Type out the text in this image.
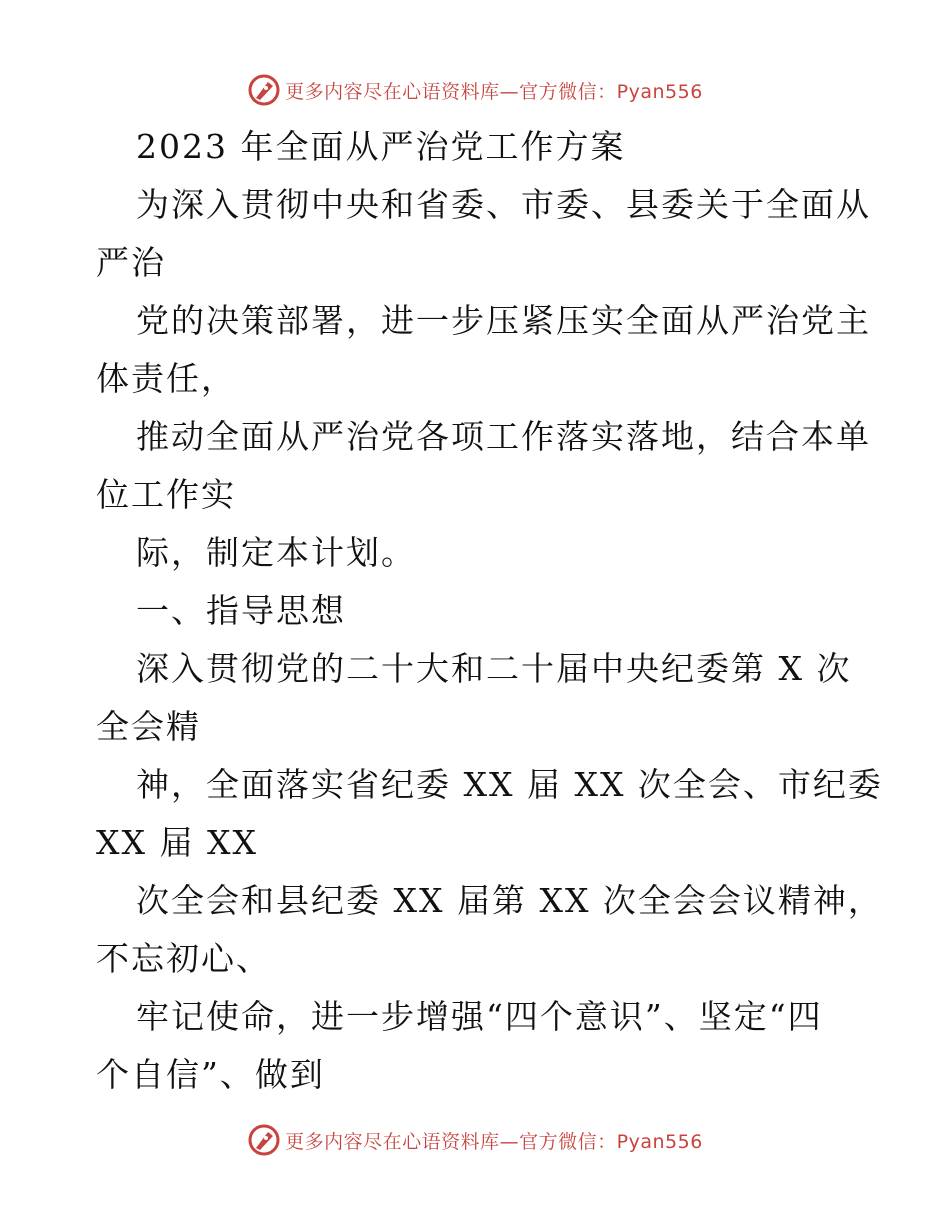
更多内容尽在心语资料库—官方微信：Pyan556
2023 年全面从严治党工作方案
为深入贯彻中央和省委、市委、县委关于全面从
严治
党的决策部署，进一步压紧压实全面从严治党主
体责任，
推动全面从严治党各项工作落实落地，结合本单
位工作实
际，制定本计划。
一、指导思想
深入贯彻党的二十大和二十届中央纪委第 X 次
全会精
神，全面落实省纪委 XX 届 XX 次全会、市纪委
XX 届 XX
次全会和县纪委 XX 届第 XX 次全会会议精神，
不忘初心、
牢记使命，进一步增强“四个意识”、坚定“四
个自信”、做到
更多内容尽在心语资料库—官方微信：Pyan556
